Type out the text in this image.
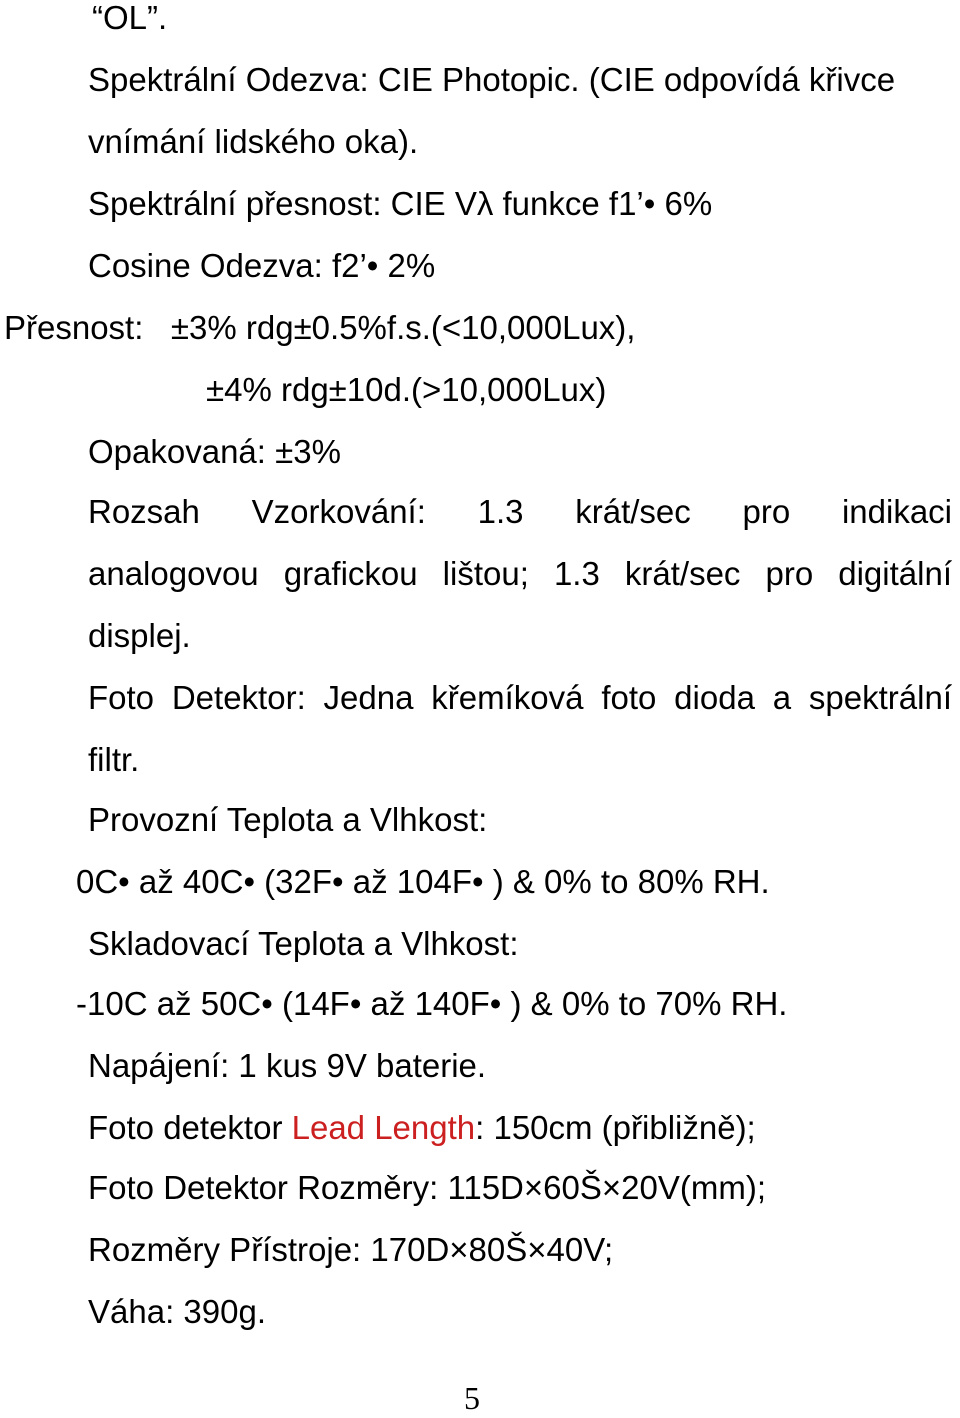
“OL”.
Spektrální Odezva: CIE Photopic. (CIE odpovídá křivce
vnímání lidského oka).
Spektrální přesnost: CIE Vλ funkce f1’• 6%
Cosine Odezva: f2’• 2%
Přesnost:   ±3% rdg±0.5%f.s.(<10,000Lux),
±4% rdg±10d.(>10,000Lux)
Opakovaná: ±3%
Rozsah Vzorkování: 1.3 krát/sec pro indikaci
analogovou grafickou lištou; 1.3 krát/sec pro digitální
displej.
Foto Detektor: Jedna křemíková foto dioda a spektrální
filtr.
Provozní Teplota a Vlhkost:
0C• až 40C• (32F• až 104F• ) & 0% to 80% RH.
Skladovací Teplota a Vlhkost:
-10C až 50C• (14F• až 140F• ) & 0% to 70% RH.
Napájení: 1 kus 9V baterie.
Foto detektor Lead Length: 150cm (přibližně);
Foto Detektor Rozměry: 115D×60Š×20V(mm);
Rozměry Přístroje: 170D×80Š×40V;
Váha: 390g.
5
